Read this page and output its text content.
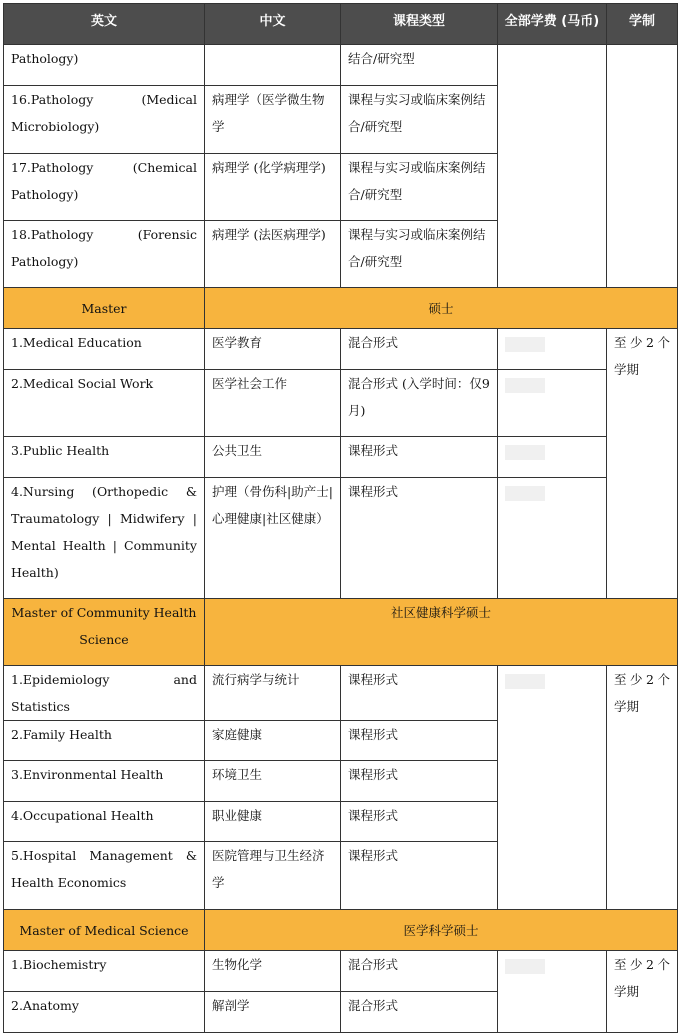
英文	中文	课程类型	全部学费 (马币)	学制
Pathology)		结合/研究型		
16.Pathology (Medical Microbiology)	病理学（医学微生物学	课程与实习或临床案例结合/研究型		
17.Pathology (Chemical Pathology)	病理学 (化学病理学)	课程与实习或临床案例结合/研究型		
18.Pathology (Forensic Pathology)	病理学 (法医病理学)	课程与实习或临床案例结合/研究型		
Master	硕士			
1.Medical Education	医学教育	混合形式		至少2个学期
2.Medical Social Work	医学社会工作	混合形式 (入学时间：仅9月)		

3.Public Health	公共卫生	课程形式		

4.Nursing (Orthopedic & Traumatology | Midwifery | Mental Health | Community Health)	护理（骨伤科|助产士|心理健康|社区健康）	课程形式		

Master of Community Health Science	社区健康科学硕士			
1.Epidemiology and Statistics	流行病学与统计	课程形式		至少2个学期
2.Family Health	家庭健康	课程形式		
3.Environmental Health	环境卫生	课程形式		
4.Occupational Health	职业健康	课程形式		
5.Hospital Management & Health Economics	医院管理与卫生经济学	课程形式		
Master of Medical Science	医学科学硕士			
1.Biochemistry	生物化学	混合形式		至少2个学期
2.Anatomy	解剖学	混合形式		
